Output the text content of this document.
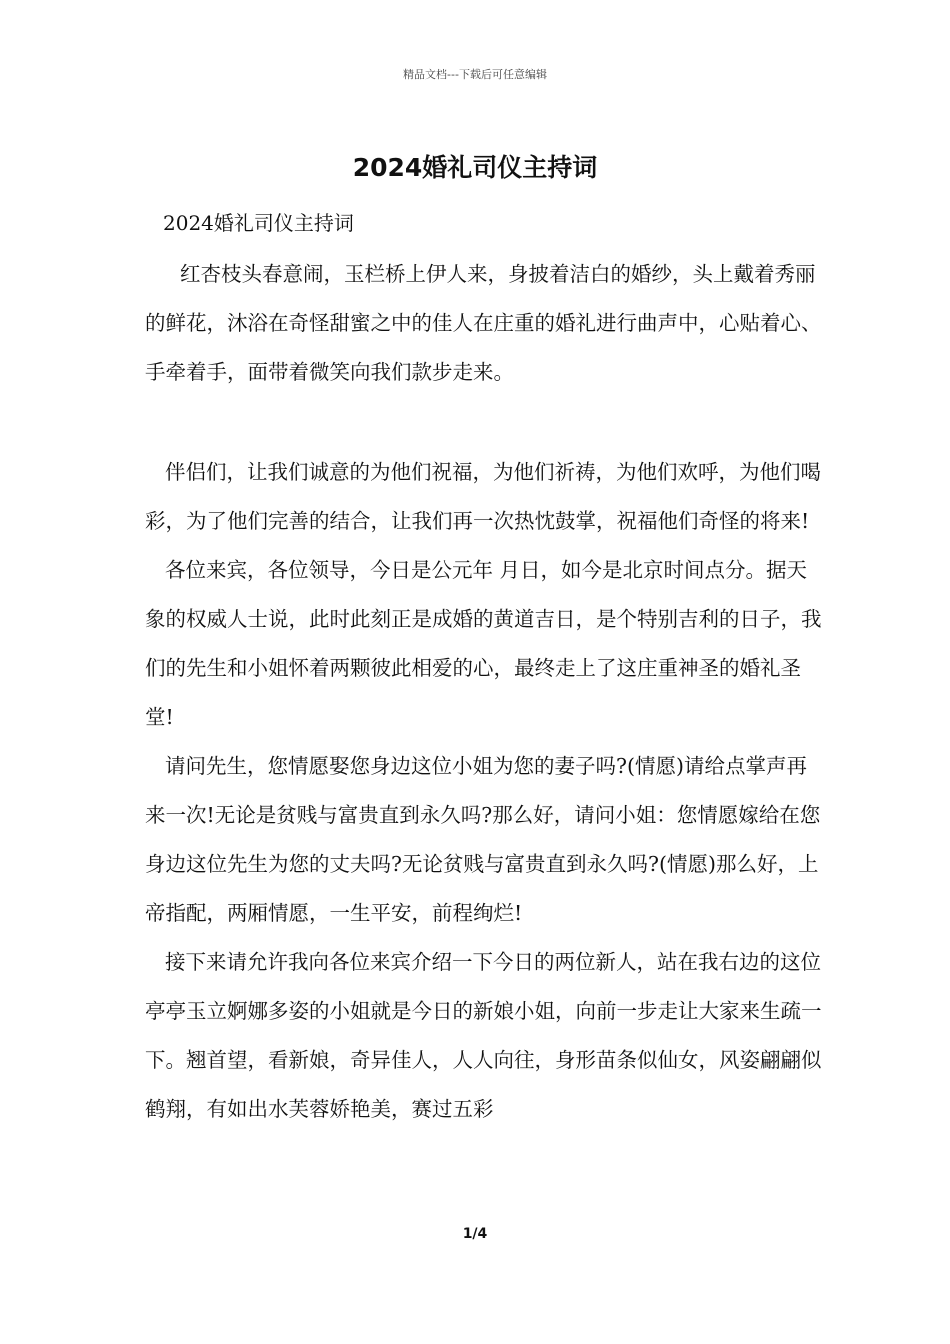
精品文档---下载后可任意编辑
2024婚礼司仪主持词

2024婚礼司仪主持词

红杏枝头春意闹，玉栏桥上伊人来，身披着洁白的婚纱，头上戴着秀丽的鲜花，沐浴在奇怪甜蜜之中的佳人在庄重的婚礼进行曲声中，心贴着心、手牵着手，面带着微笑向我们款步走来。

伴侣们，让我们诚意的为他们祝福，为他们祈祷，为他们欢呼，为他们喝彩，为了他们完善的结合，让我们再一次热忱鼓掌，祝福他们奇怪的将来!

各位来宾，各位领导，今日是公元年 月日，如今是北京时间点分。据天象的权威人士说，此时此刻正是成婚的黄道吉日，是个特别吉利的日子，我们的先生和小姐怀着两颗彼此相爱的心，最终走上了这庄重神圣的婚礼圣堂!

请问先生，您情愿娶您身边这位小姐为您的妻子吗?(情愿)请给点掌声再来一次!无论是贫贱与富贵直到永久吗?那么好，请问小姐：您情愿嫁给在您身边这位先生为您的丈夫吗?无论贫贱与富贵直到永久吗?(情愿)那么好，上帝指配，两厢情愿，一生平安，前程绚烂!

接下来请允许我向各位来宾介绍一下今日的两位新人，站在我右边的这位亭亭玉立婀娜多姿的小姐就是今日的新娘小姐，向前一步走让大家来生疏一下。翘首望，看新娘，奇异佳人，人人向往，身形苗条似仙女，风姿翩翩似鹤翔，有如出水芙蓉娇艳美，赛过五彩

1/4
